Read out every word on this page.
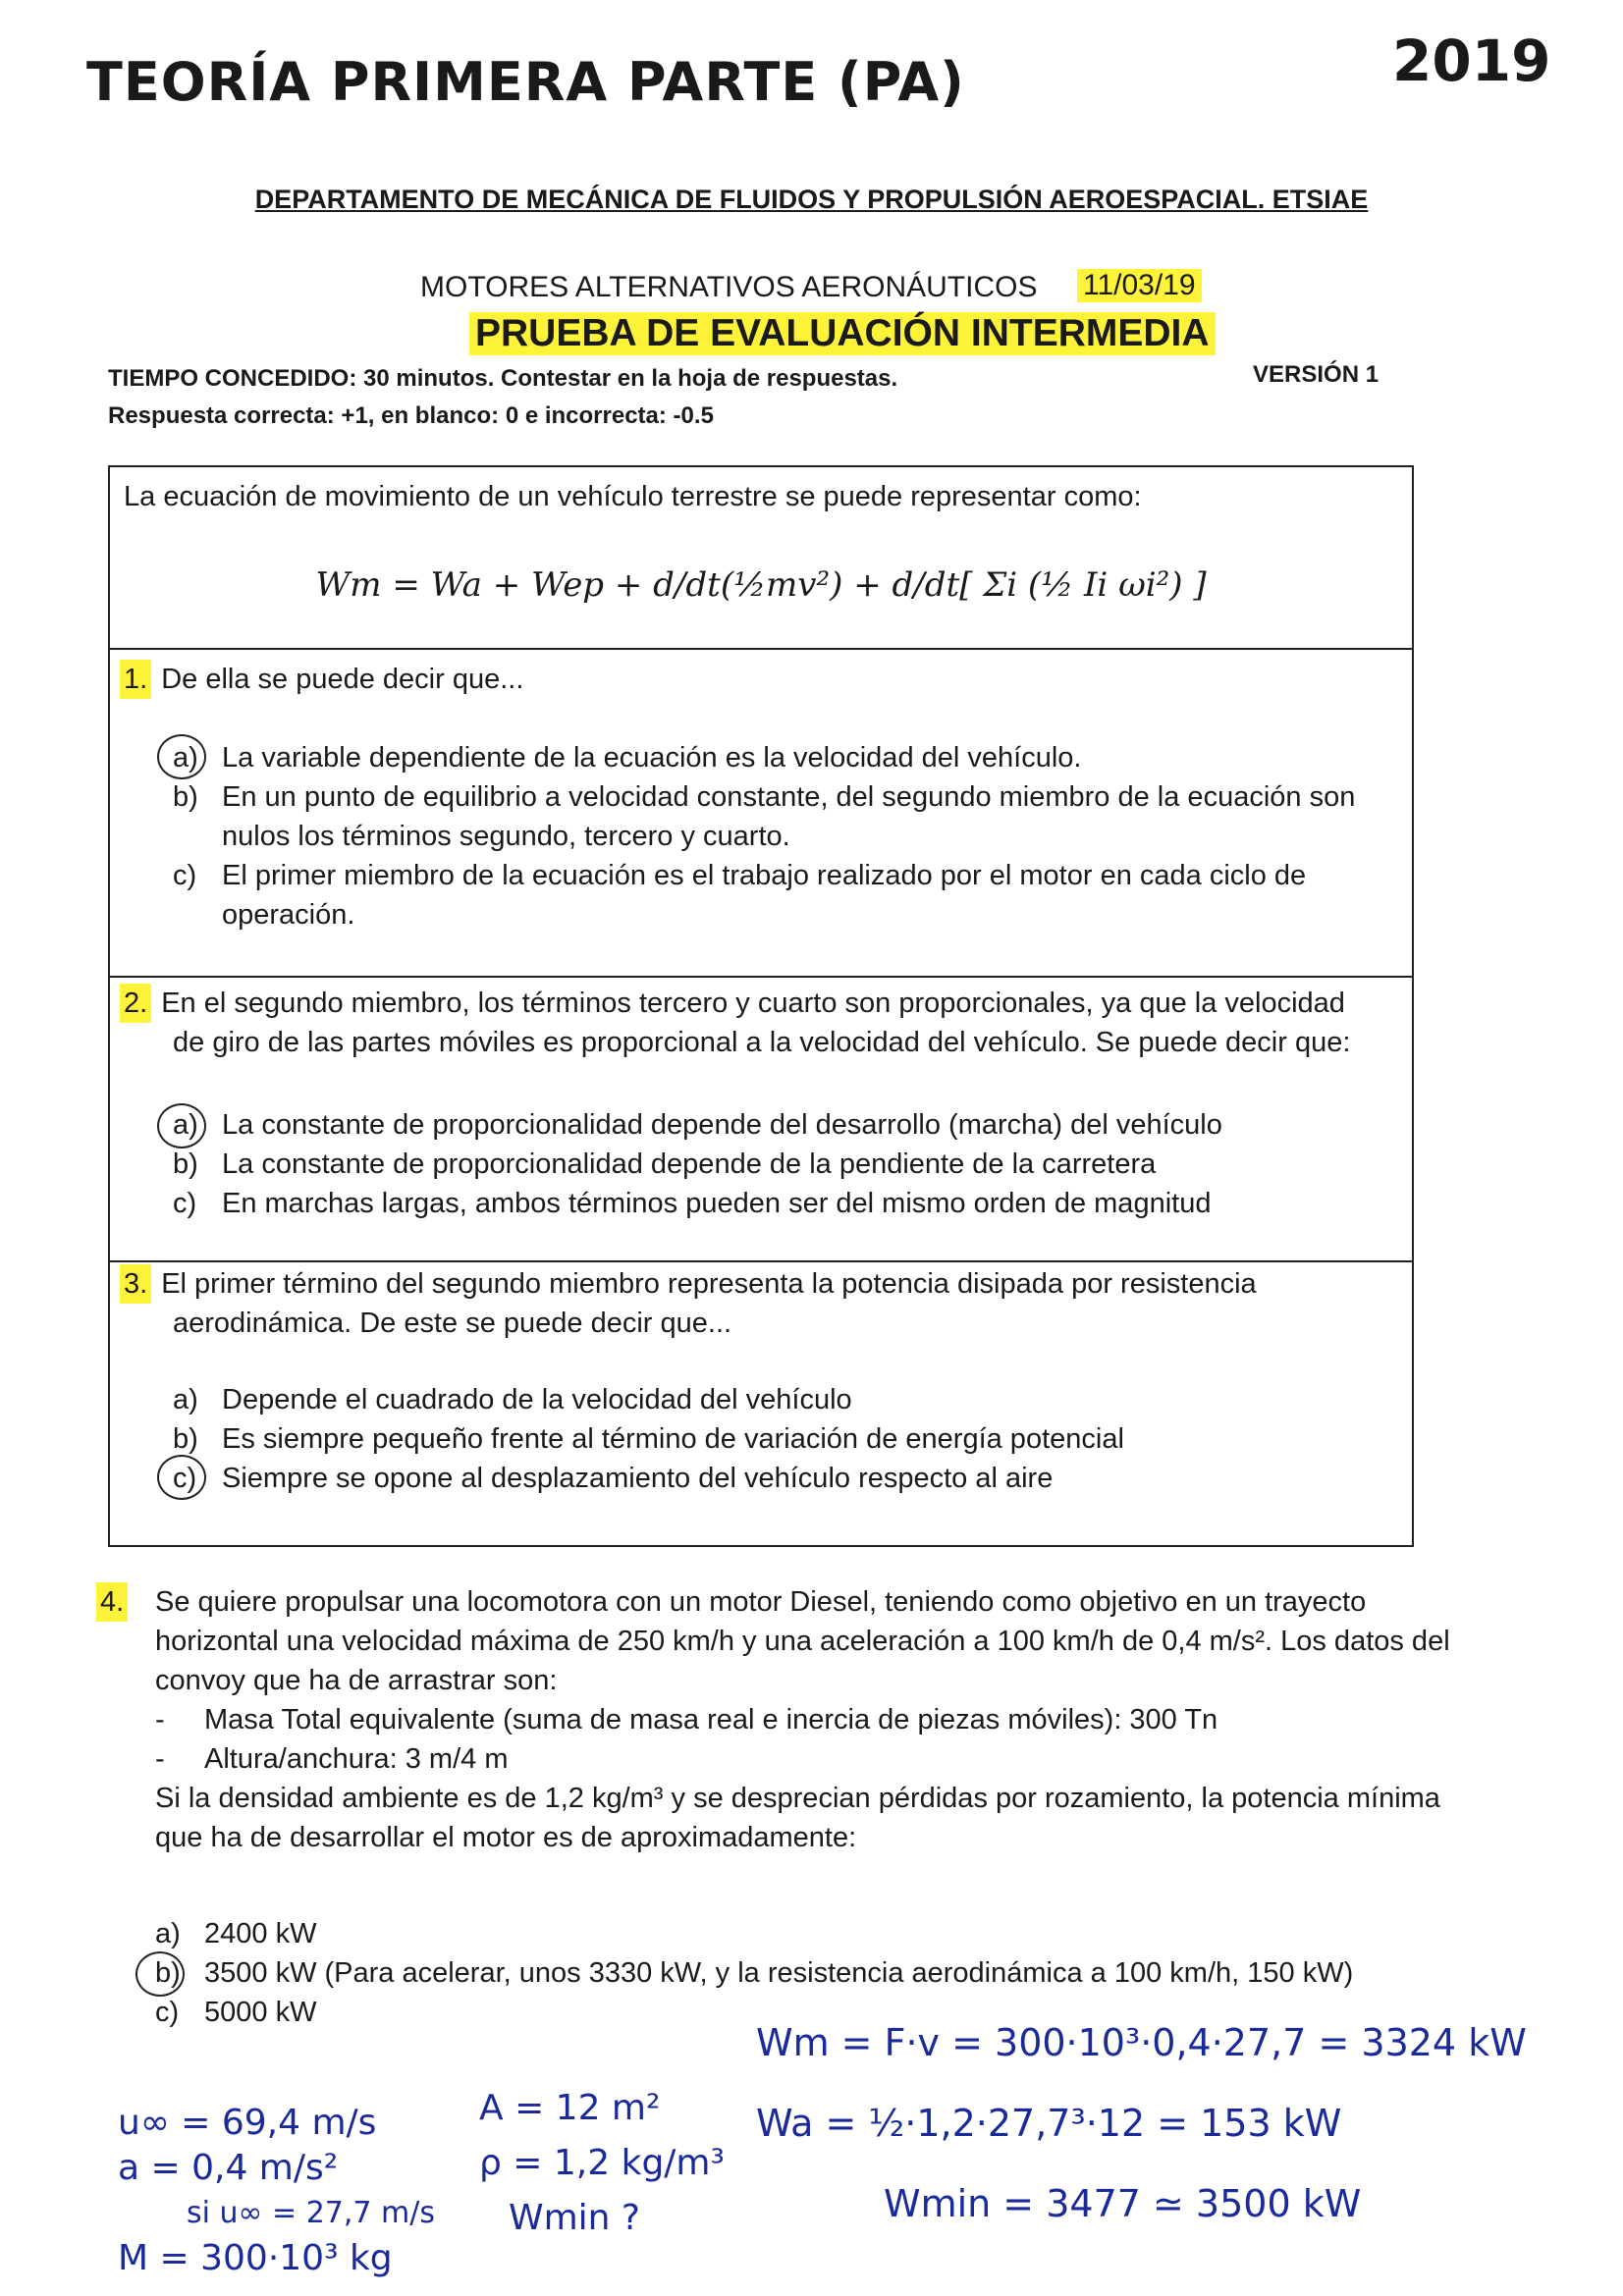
TEORÍA PRIMERA PARTE (PA)	2019
DEPARTAMENTO DE MECÁNICA DE FLUIDOS Y PROPULSIÓN AEROESPACIAL. ETSIAE
MOTORES ALTERNATIVOS AERONÁUTICOS 11/03/19
PRUEBA DE EVALUACIÓN INTERMEDIA
TIEMPO CONCEDIDO: 30 minutos. Contestar en la hoja de respuestas.	VERSIÓN 1
Respuesta correcta: +1, en blanco: 0 e incorrecta: -0.5
La ecuación de movimiento de un vehículo terrestre se puede representar como:
Wm = Wa + Wep + d/dt(½mv²) + d/dt[ Σi (½ Ii ωi²) ]
1. De ella se puede decir que...
a) La variable dependiente de la ecuación es la velocidad del vehículo.
b) En un punto de equilibrio a velocidad constante, del segundo miembro de la ecuación son
nulos los términos segundo, tercero y cuarto.
c) El primer miembro de la ecuación es el trabajo realizado por el motor en cada ciclo de
operación.
2. En el segundo miembro, los términos tercero y cuarto son proporcionales, ya que la velocidad
de giro de las partes móviles es proporcional a la velocidad del vehículo. Se puede decir que:
a) La constante de proporcionalidad depende del desarrollo (marcha) del vehículo
b) La constante de proporcionalidad depende de la pendiente de la carretera
c) En marchas largas, ambos términos pueden ser del mismo orden de magnitud
3. El primer término del segundo miembro representa la potencia disipada por resistencia
aerodinámica. De este se puede decir que...
a) Depende el cuadrado de la velocidad del vehículo
b) Es siempre pequeño frente al término de variación de energía potencial
c) Siempre se opone al desplazamiento del vehículo respecto al aire
4. Se quiere propulsar una locomotora con un motor Diesel, teniendo como objetivo en un trayecto
horizontal una velocidad máxima de 250 km/h y una aceleración a 100 km/h de 0,4 m/s². Los datos del
convoy que ha de arrastrar son:
- Masa Total equivalente (suma de masa real e inercia de piezas móviles): 300 Tn
- Altura/anchura: 3 m/4 m
Si la densidad ambiente es de 1,2 kg/m³ y se desprecian pérdidas por rozamiento, la potencia mínima
que ha de desarrollar el motor es de aproximadamente:
a) 2400 kW
b) 3500 kW (Para acelerar, unos 3330 kW, y la resistencia aerodinámica a 100 km/h, 150 kW)
c) 5000 kW
u∞ = 69,4 m/s
a = 0,4 m/s²
si u∞ = 27,7 m/s
M = 300·10³ kg
A = 12 m²
ρ = 1,2 kg/m³
Wmin ?
Wm = F·v = 300·10³·0,4·27,7 = 3324 kW
Wa = ½·1,2·27,7³·12 = 153 kW
Wmin = 3477 ≃ 3500 kW
